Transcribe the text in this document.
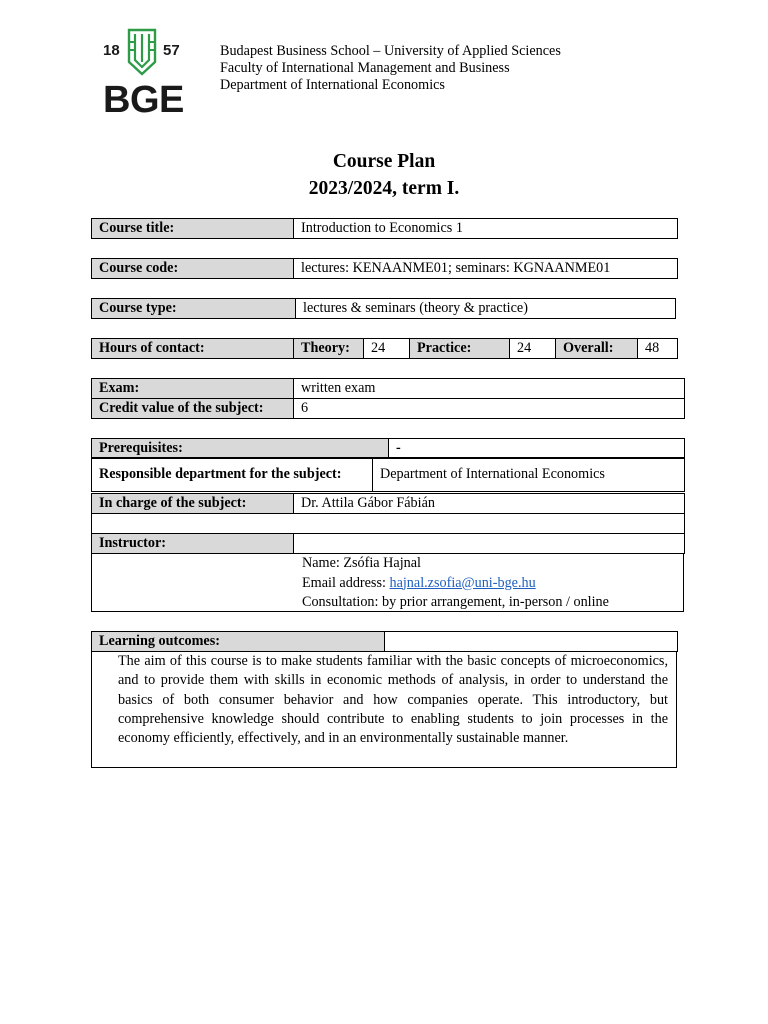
18	57
BGE
Budapest Business School – University of Applied Sciences
Faculty of International Management and Business
Department of International Economics
Course Plan
2023/2024, term I.
Course title:	Introduction to Economics 1
Course code:	lectures: KENAANME01; seminars: KGNAANME01
Course type:	lectures & seminars (theory & practice)
Hours of contact:	Theory:	24	Practice:	24	Overall:	48
Exam:	written exam
Credit value of the subject:	6
Prerequisites:	-
Responsible department for the subject:	Department of International Economics
In charge of the subject:	Dr. Attila Gábor Fábián

Instructor:	
Name: Zsófia Hajnal
Email address: hajnal.zsofia@uni-bge.hu
Consultation: by prior arrangement, in-person / online
Learning outcomes:	
The aim of this course is to make students familiar with the basic concepts of microeconomics, and to provide them with skills in economic methods of analysis, in order to understand the basics of both consumer behavior and how companies operate. This introductory, but comprehensive knowledge should contribute to enabling students to join processes in the economy efficiently, effectively, and in an environmentally sustainable manner.
